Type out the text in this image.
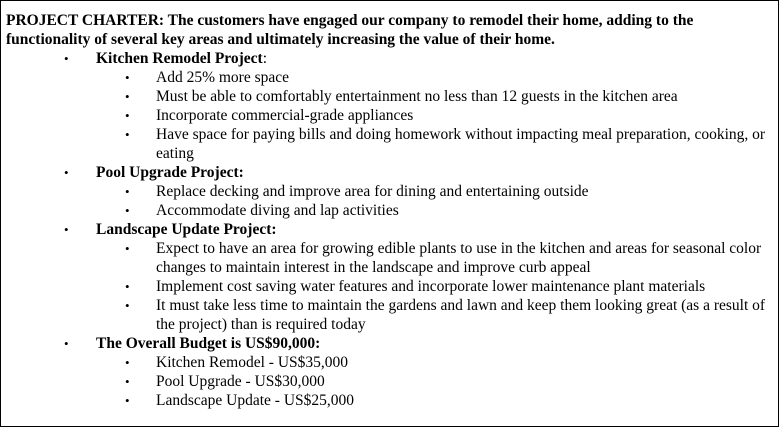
PROJECT CHARTER: The customers have engaged our company to remodel their home, adding to the functionality of several key areas and ultimately increasing the value of their home.

• Kitchen Remodel Project:
• Add 25% more space
• Must be able to comfortably entertainment no less than 12 guests in the kitchen area
• Incorporate commercial-grade appliances
• Have space for paying bills and doing homework without impacting meal preparation, cooking, or eating
• Pool Upgrade Project:
• Replace decking and improve area for dining and entertaining outside
• Accommodate diving and lap activities
• Landscape Update Project:
• Expect to have an area for growing edible plants to use in the kitchen and areas for seasonal color changes to maintain interest in the landscape and improve curb appeal
• Implement cost saving water features and incorporate lower maintenance plant materials
• It must take less time to maintain the gardens and lawn and keep them looking great (as a result of the project) than is required today
• The Overall Budget is US$90,000:
• Kitchen Remodel - US$35,000
• Pool Upgrade - US$30,000
• Landscape Update - US$25,000
